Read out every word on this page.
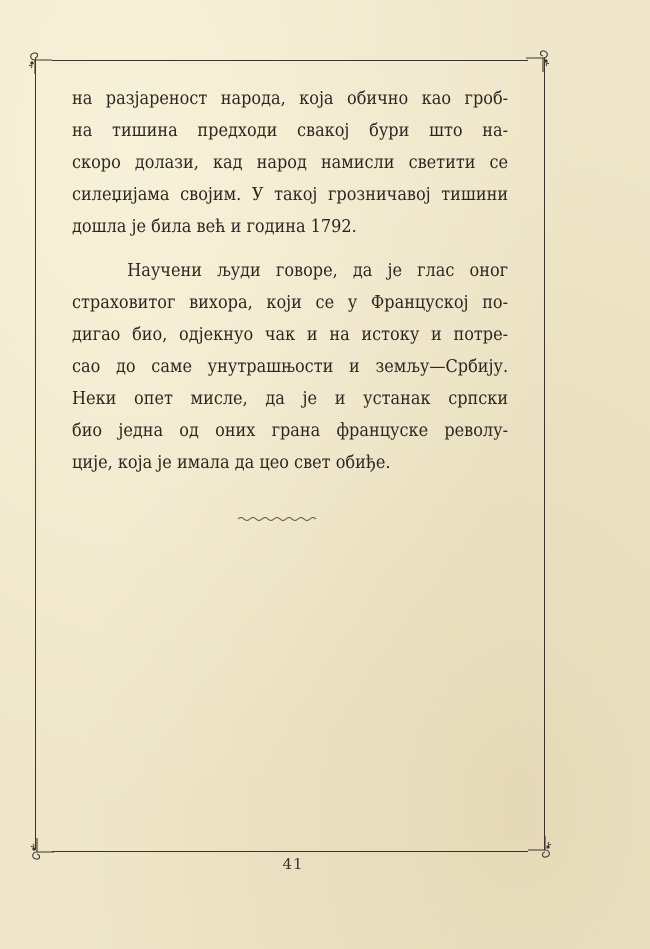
на разјареност народа, која обично као гроб-
на тишина предходи свакој бури што на-
скоро долази, кад народ намисли светити се
силеџијама својим. У такој грозничавој тишини
дошла је била већ и година 1792.
Научени људи говоре, да је глас оног
страховитог вихора, који се у Француској по-
дигао био, одјекнуо чак и на истоку и потре-
сао до саме унутрашњости и земљу—Србију.
Неки опет мисле, да је и устанак српски
био једна од оних грана француске револу-
ције, која је имала да цео свет обиђе.
41
